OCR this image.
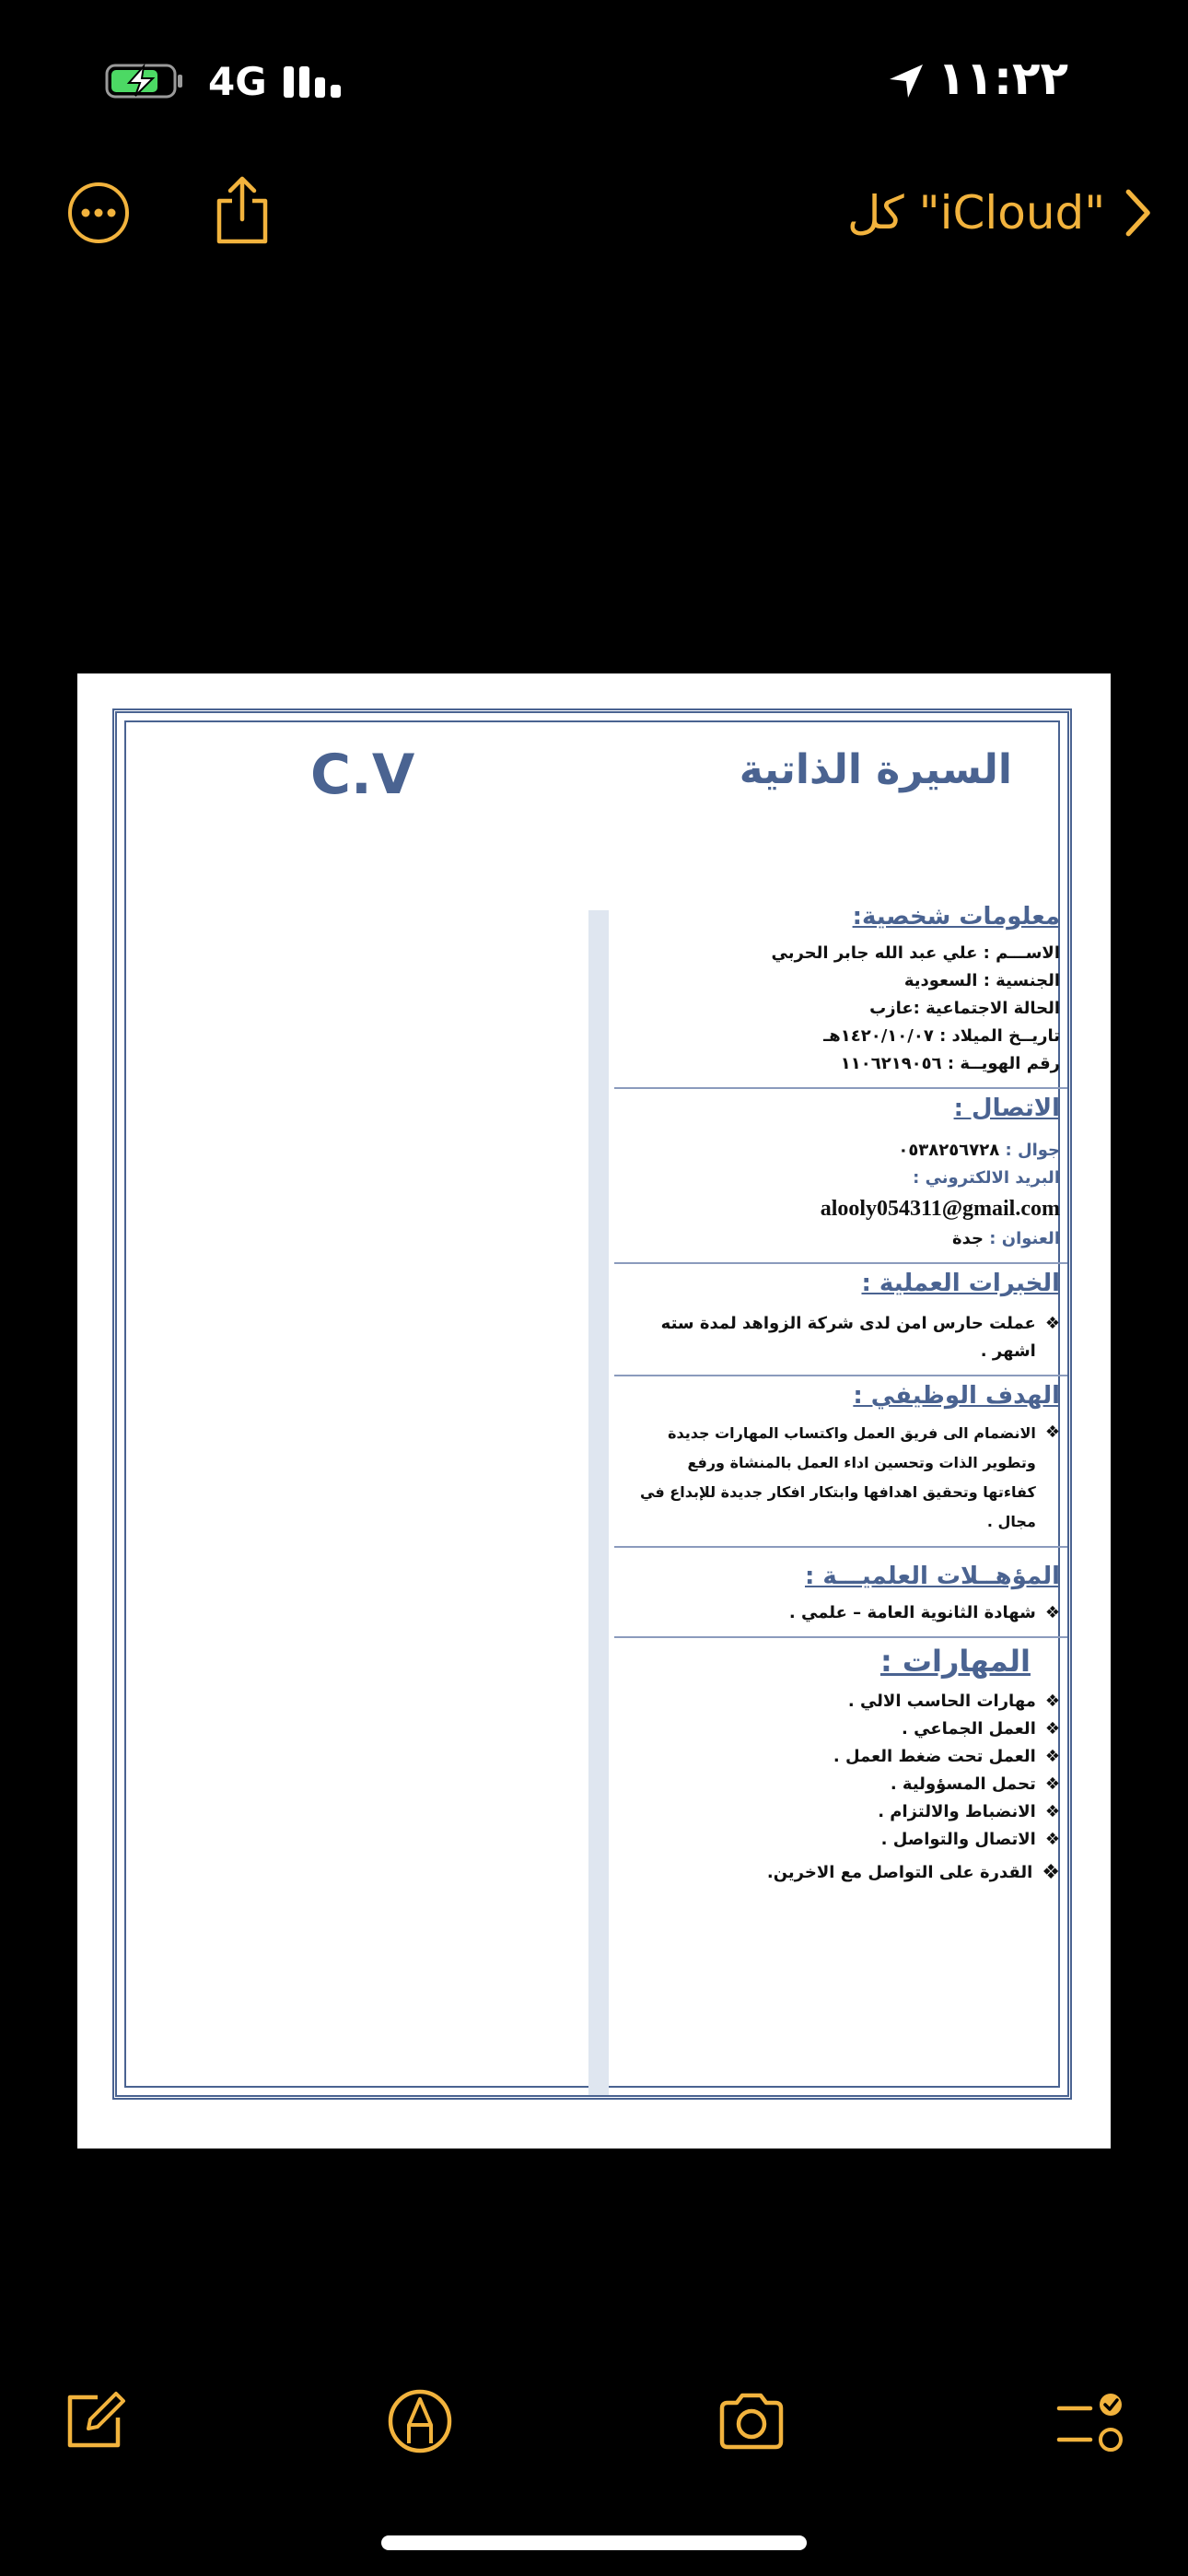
4G	١١:٢٢
كل "iCloud"
السيرة الذاتية
C.V
معلومات شخصية:
الاســـم : علي عبد الله جابر الحربي
الجنسية : السعودية
الحالة الاجتماعية :عازب
تاريــخ الميلاد : ١٤٢٠/١٠/٠٧هـ
رقم الهويــة : ١١٠٦٢١٩٠٥٦
الاتصال :
جوال : ٠٥٣٨٢٥٦٧٢٨
البريد الالكتروني :
alooly054311@gmail.com
العنوان : جدة
الخبرات العملية :
❖
عملت حارس امن لدى شركة الزواهد لمدة سته اشهر .
الهدف الوظيفي :
❖
الانضمام الى فريق العمل واكتساب المهارات جديدة وتطوير الذات وتحسين اداء العمل بالمنشاة ورفع كفاءتها وتحقيق اهدافها وابتكار افكار جديدة للإبداع في مجال .
المؤهــلات العلميـــة :
❖
شهادة الثانوية العامة – علمي .
المهارات :
❖
مهارات الحاسب الالي .
❖
العمل الجماعي .
❖
العمل تحت ضغط العمل .
❖
تحمل المسؤولية .
❖
الانضباط والالتزام .
❖
الاتصال والتواصل .
❖
القدرة على التواصل مع الاخرين.
